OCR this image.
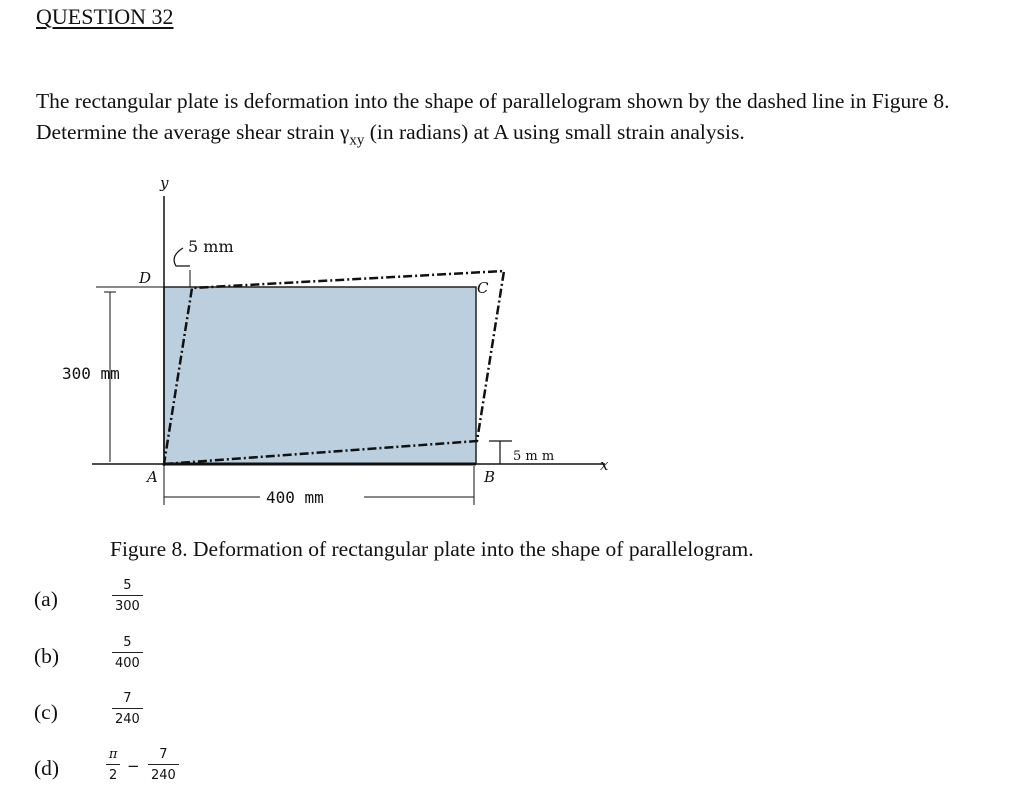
QUESTION 32
The rectangular plate is deformation into the shape of parallelogram shown by the dashed line in Figure 8. Determine the average shear strain $\gamma_{xy}$ (in radians) at A using small strain analysis.
y
x
5 mm
5 m m
300 mm
400 mm
A	B
C
D
Figure 8. Deformation of rectangular plate into the shape of parallelogram.
(a)	$\frac{5}{300}$
(b)	$\frac{5}{400}$
(c)	$\frac{7}{240}$
(d)	$\frac{\pi}{2} - \frac{7}{240}$
